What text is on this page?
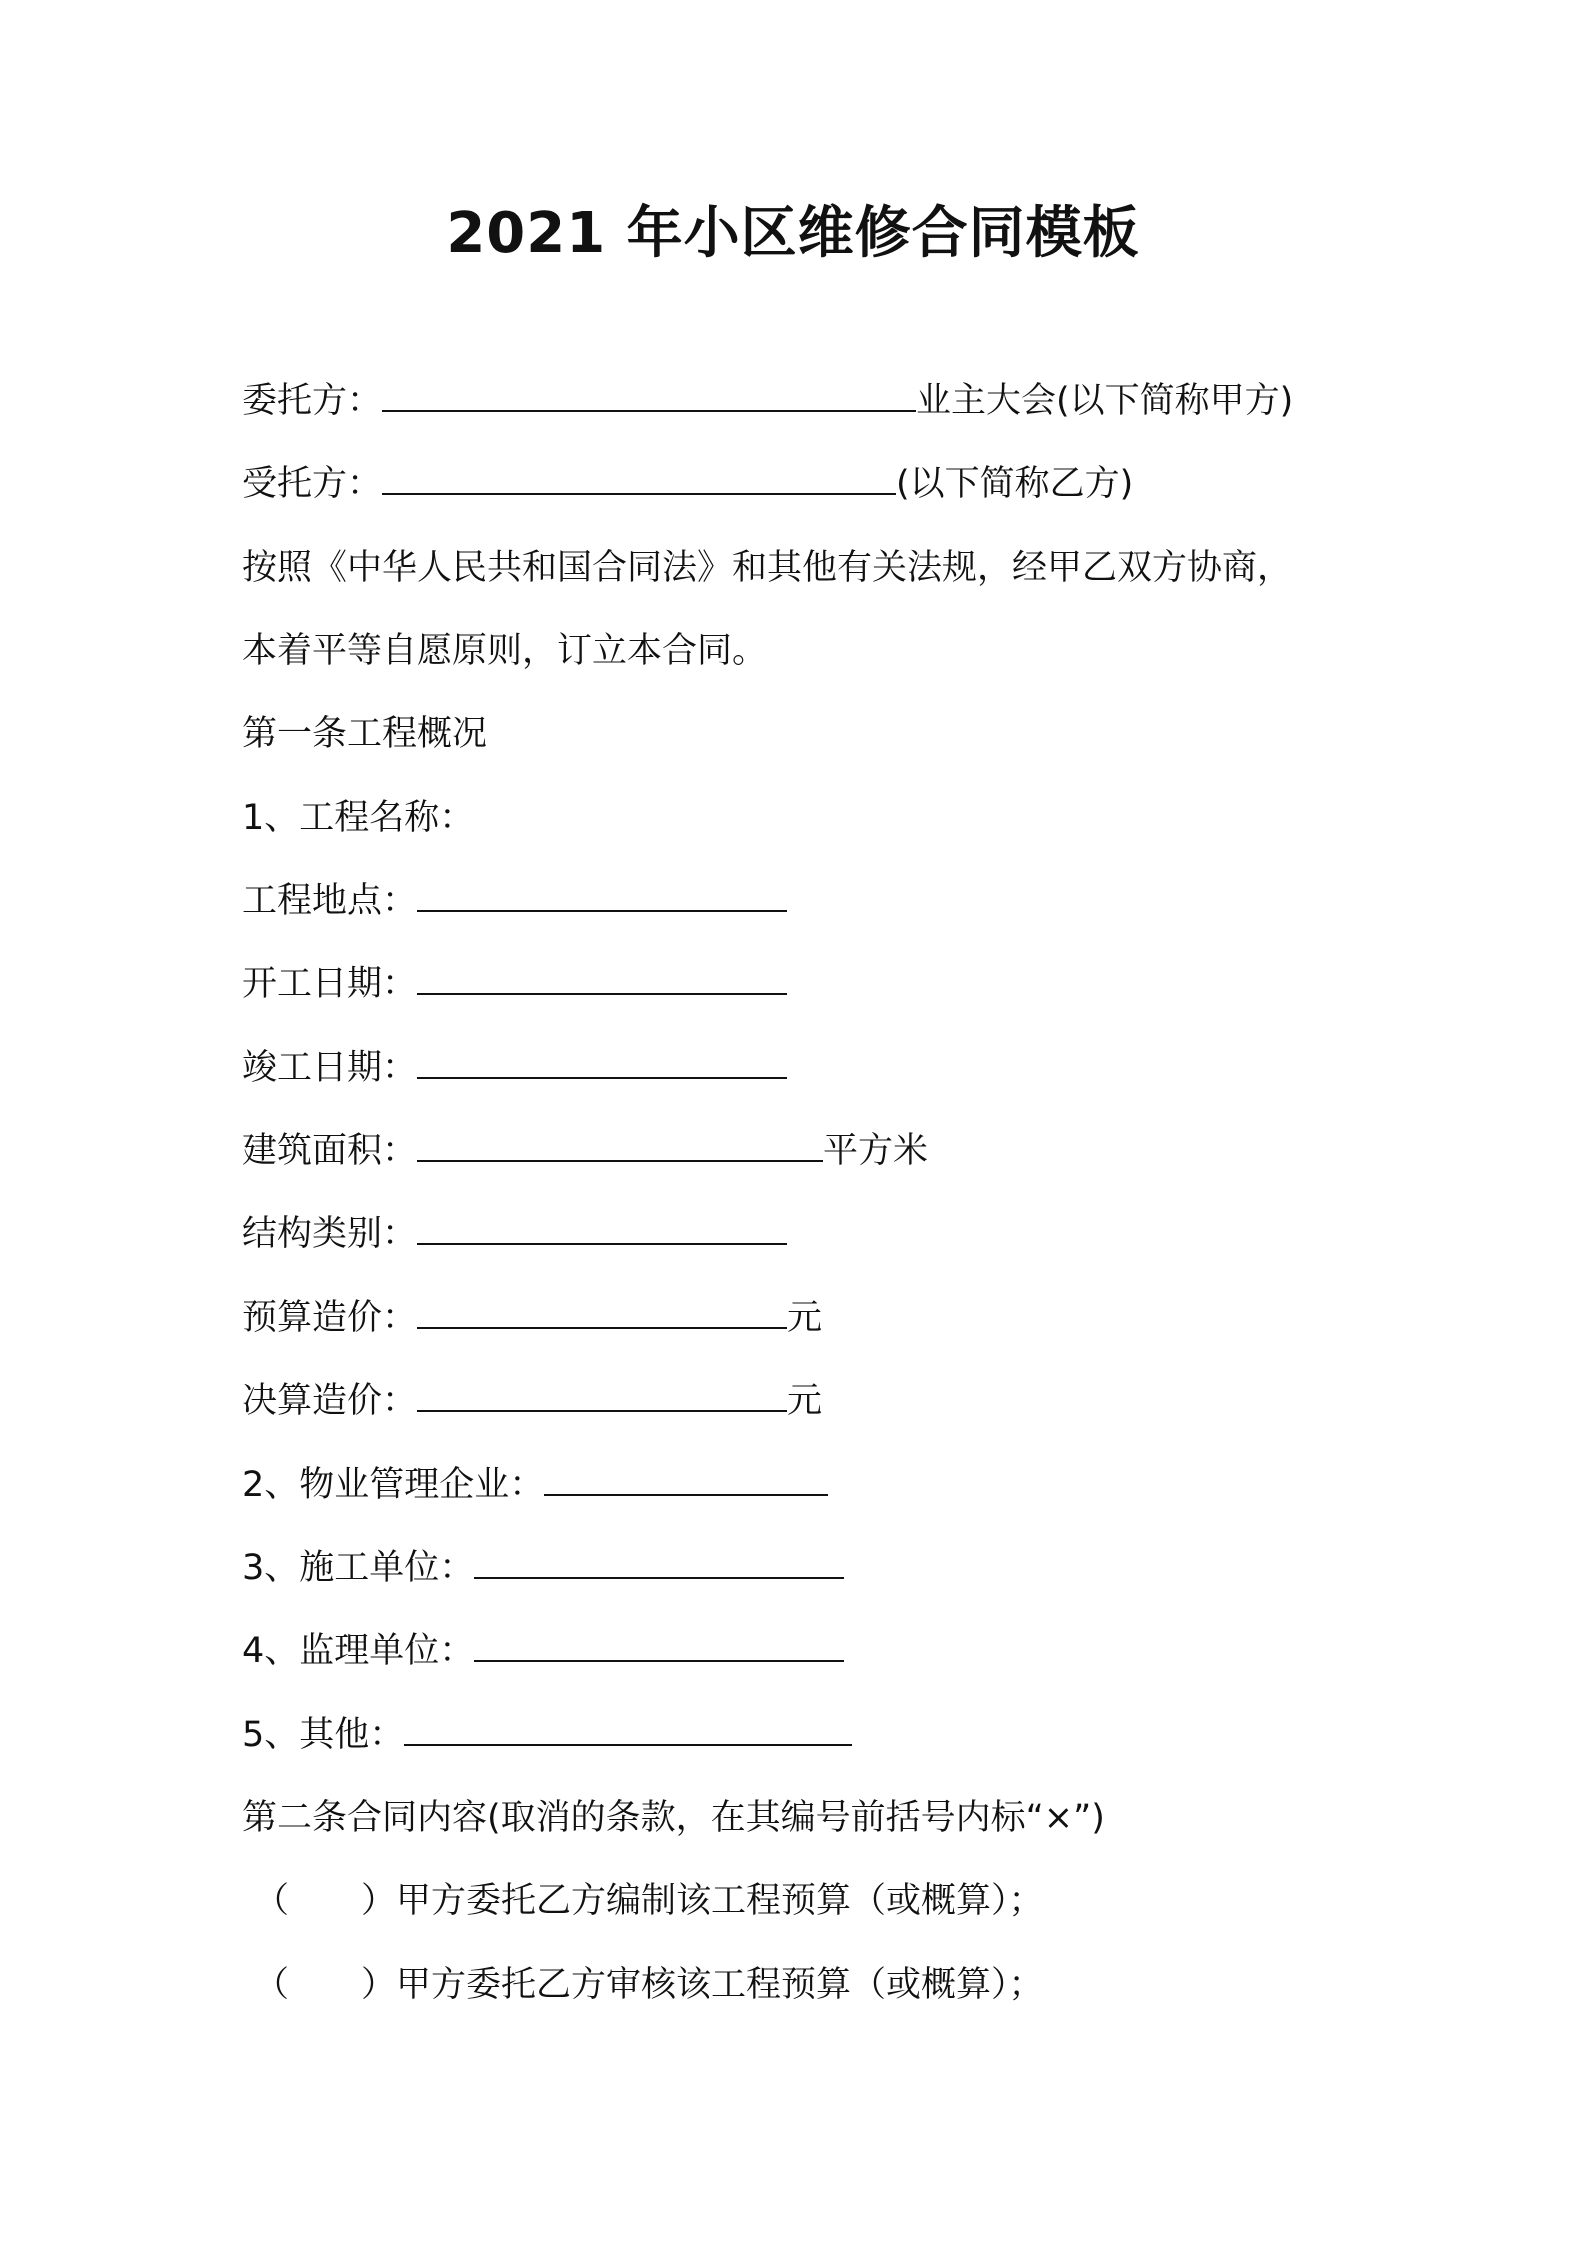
2021 年小区维修合同模板
委托方：	业主大会(以下简称甲方)
受托方：	(以下简称乙方)
按照《中华人民共和国合同法》和其他有关法规，经甲乙双方协商，
本着平等自愿原则，订立本合同。
第一条工程概况
1、工程名称：
工程地点：
开工日期：
竣工日期：
建筑面积：	平方米
结构类别：
预算造价：	元
决算造价：	元
2、物业管理企业：
3、施工单位：
4、监理单位：
5、其他：
第二条合同内容(取消的条款，在其编号前括号内标“×”)
（ ） 甲方委托乙方编制该工程预算（或概算）；
（ ） 甲方委托乙方审核该工程预算（或概算）；
